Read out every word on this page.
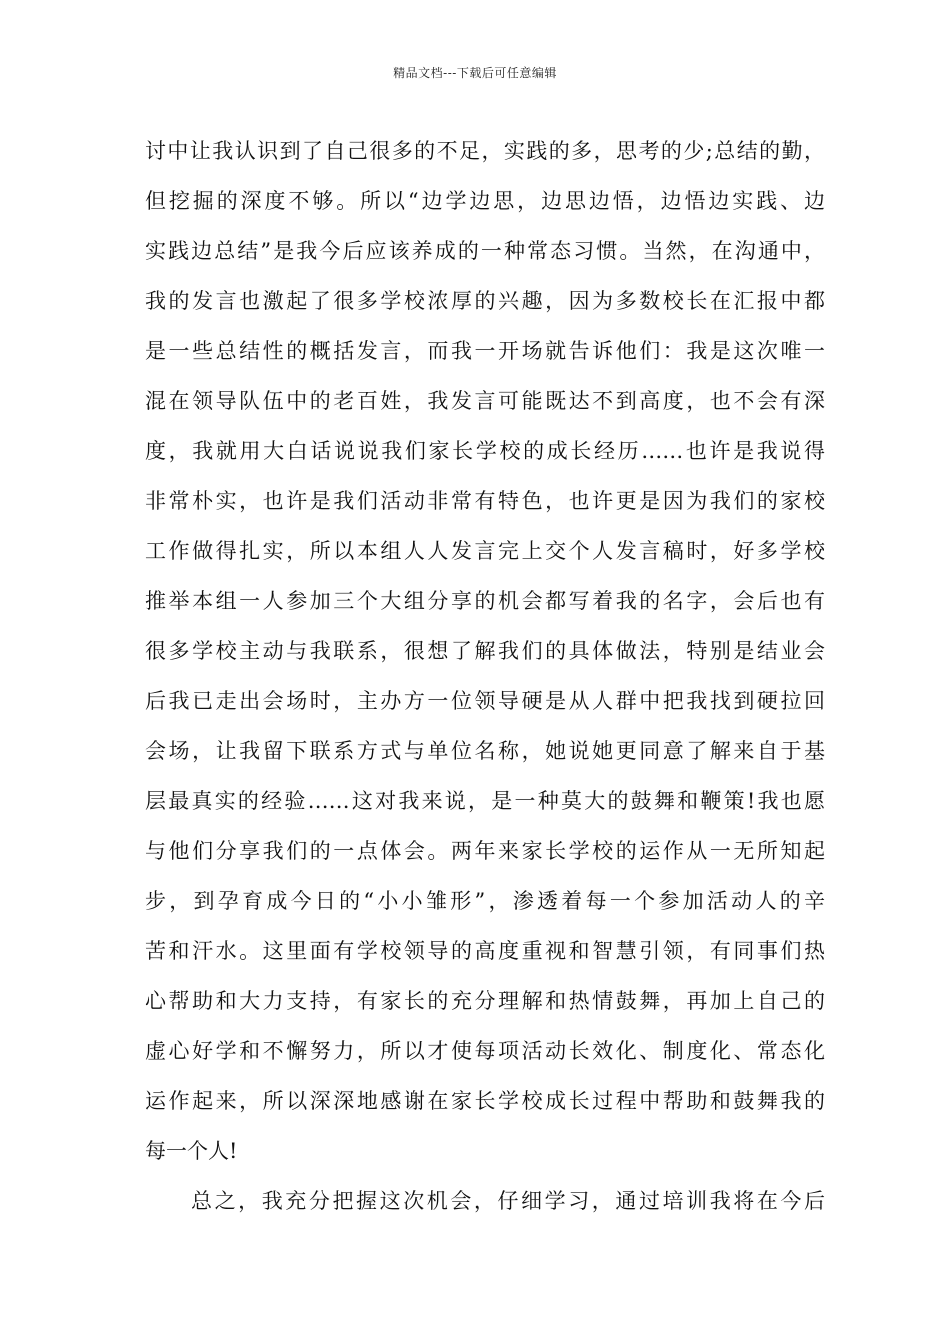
精品文档---下载后可任意编辑
讨中让我认识到了自己很多的不足，实践的多，思考的少;总结的勤，
但挖掘的深度不够。所以“边学边思，边思边悟，边悟边实践、边
实践边总结”是我今后应该养成的一种常态习惯。当然，在沟通中，
我的发言也激起了很多学校浓厚的兴趣，因为多数校长在汇报中都
是一些总结性的概括发言，而我一开场就告诉他们：我是这次唯一
混在领导队伍中的老百姓，我发言可能既达不到高度，也不会有深
度，我就用大白话说说我们家长学校的成长经历……也许是我说得
非常朴实，也许是我们活动非常有特色，也许更是因为我们的家校
工作做得扎实，所以本组人人发言完上交个人发言稿时，好多学校
推举本组一人参加三个大组分享的机会都写着我的名字，会后也有
很多学校主动与我联系，很想了解我们的具体做法，特别是结业会
后我已走出会场时，主办方一位领导硬是从人群中把我找到硬拉回
会场，让我留下联系方式与单位名称，她说她更同意了解来自于基
层最真实的经验……这对我来说，是一种莫大的鼓舞和鞭策!我也愿
与他们分享我们的一点体会。两年来家长学校的运作从一无所知起
步，到孕育成今日的“小小雏形”，渗透着每一个参加活动人的辛
苦和汗水。这里面有学校领导的高度重视和智慧引领，有同事们热
心帮助和大力支持，有家长的充分理解和热情鼓舞，再加上自己的
虚心好学和不懈努力，所以才使每项活动长效化、制度化、常态化
运作起来，所以深深地感谢在家长学校成长过程中帮助和鼓舞我的
每一个人!
总之，我充分把握这次机会，仔细学习，通过培训我将在今后
